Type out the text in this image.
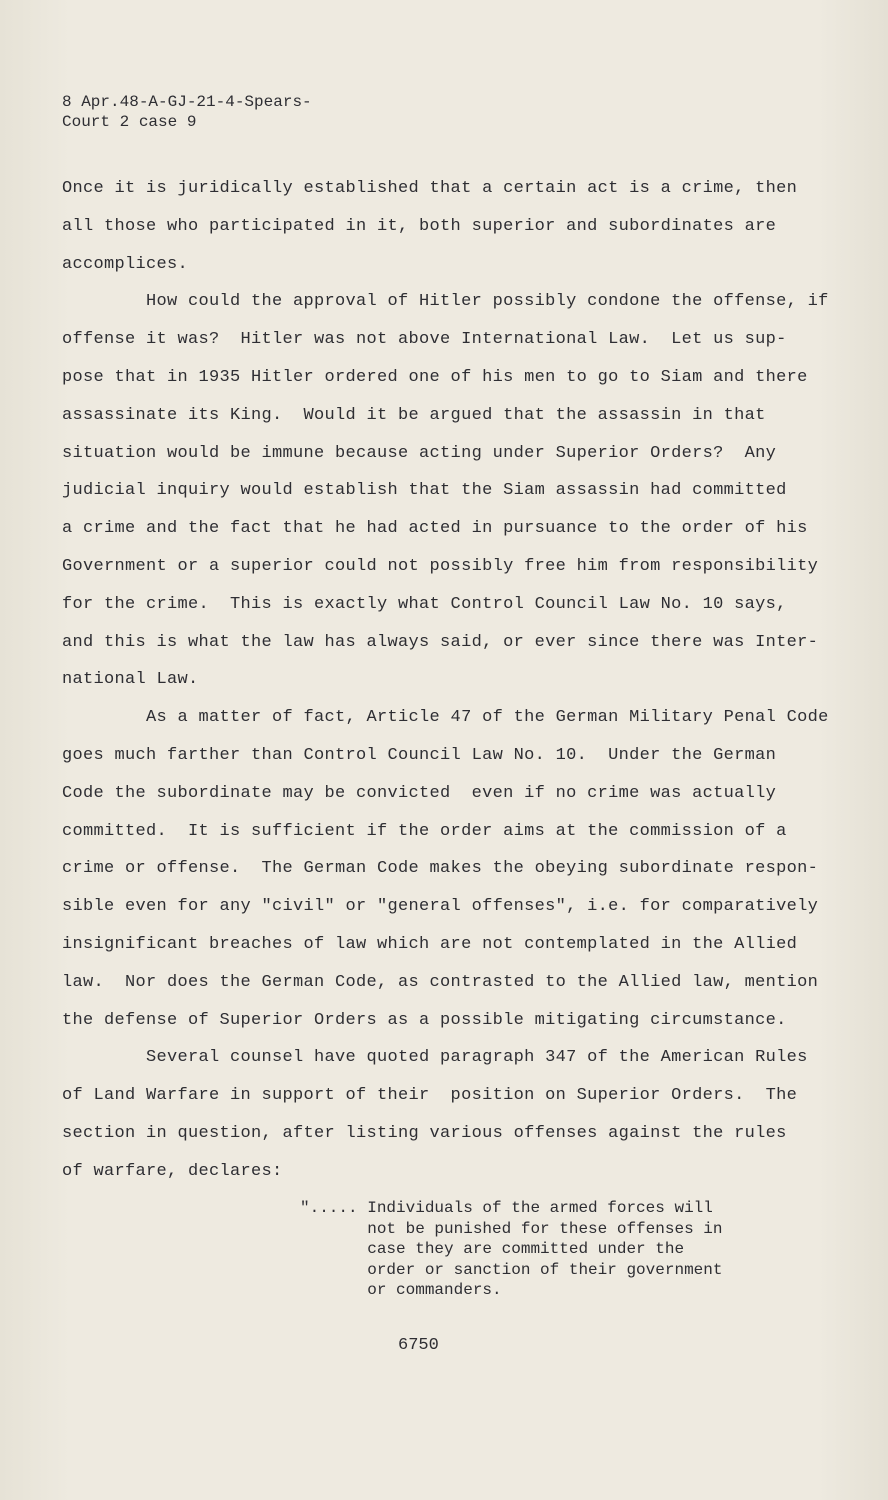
8 Apr.48-A-GJ-21-4-Spears-
Court 2 case 9
Once it is juridically established that a certain act is a crime, then
all those who participated in it, both superior and subordinates are
accomplices.
How could the approval of Hitler possibly condone the offense, if
offense it was?  Hitler was not above International Law.  Let us sup-
pose that in 1935 Hitler ordered one of his men to go to Siam and there
assassinate its King.  Would it be argued that the assassin in that
situation would be immune because acting under Superior Orders?  Any
judicial inquiry would establish that the Siam assassin had committed
a crime and the fact that he had acted in pursuance to the order of his
Government or a superior could not possibly free him from responsibility
for the crime.  This is exactly what Control Council Law No. 10 says,
and this is what the law has always said, or ever since there was Inter-
national Law.
As a matter of fact, Article 47 of the German Military Penal Code
goes much farther than Control Council Law No. 10.  Under the German
Code the subordinate may be convicted  even if no crime was actually
committed.  It is sufficient if the order aims at the commission of a
crime or offense.  The German Code makes the obeying subordinate respon-
sible even for any "civil" or "general offenses", i.e. for comparatively
insignificant breaches of law which are not contemplated in the Allied
law.  Nor does the German Code, as contrasted to the Allied law, mention
the defense of Superior Orders as a possible mitigating circumstance.
Several counsel have quoted paragraph 347 of the American Rules
of Land Warfare in support of their  position on Superior Orders.  The
section in question, after listing various offenses against the rules
of warfare, declares:
"..... Individuals of the armed forces will
not be punished for these offenses in
case they are committed under the
order or sanction of their government
or commanders.
6750
